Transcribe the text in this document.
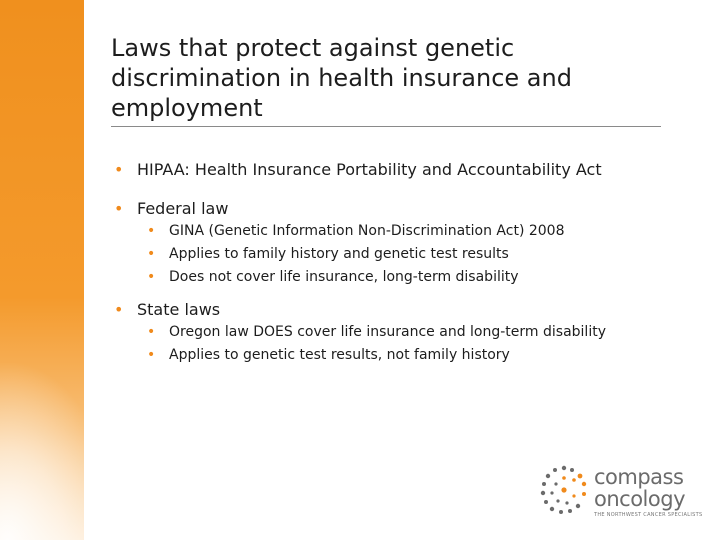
Laws that protect against genetic discrimination in health insurance and employment
• HIPAA: Health Insurance Portability and Accountability Act
• Federal law
• GINA (Genetic Information Non-Discrimination Act) 2008
• Applies to family history and genetic test results
• Does not cover life insurance, long-term disability
• State laws
• Oregon law DOES cover life insurance and long-term disability
• Applies to genetic test results, not family history
compass
oncology
THE NORTHWEST CANCER SPECIALISTS
